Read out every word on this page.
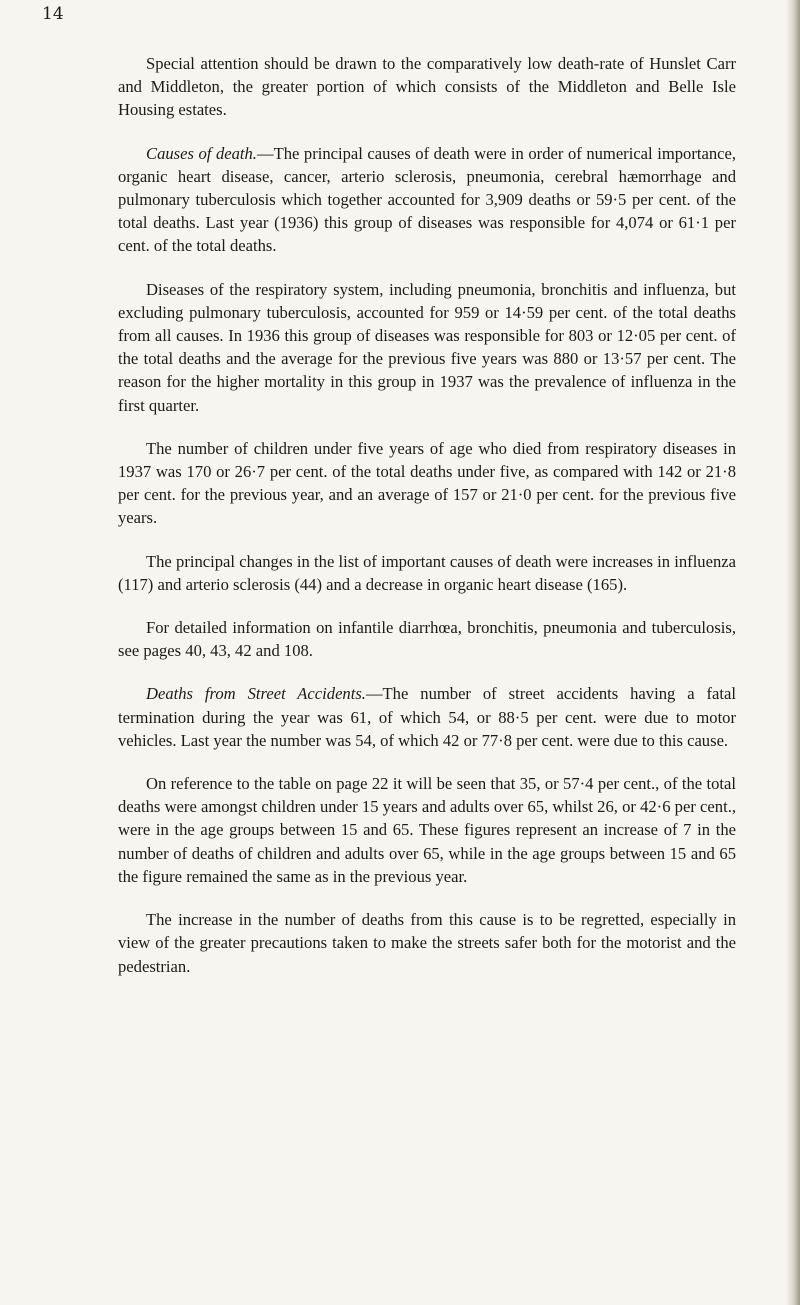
14

Special attention should be drawn to the comparatively low death-rate of Hunslet Carr and Middleton, the greater portion of which consists of the Middleton and Belle Isle Housing estates.

Causes of death.—The principal causes of death were in order of numerical importance, organic heart disease, cancer, arterio sclerosis, pneumonia, cerebral hæmorrhage and pulmonary tuberculosis which together accounted for 3,909 deaths or 59·5 per cent. of the total deaths. Last year (1936) this group of diseases was responsible for 4,074 or 61·1 per cent. of the total deaths.

Diseases of the respiratory system, including pneumonia, bronchitis and influenza, but excluding pulmonary tuberculosis, accounted for 959 or 14·59 per cent. of the total deaths from all causes. In 1936 this group of diseases was responsible for 803 or 12·05 per cent. of the total deaths and the average for the previous five years was 880 or 13·57 per cent. The reason for the higher mortality in this group in 1937 was the prevalence of influenza in the first quarter.

The number of children under five years of age who died from respiratory diseases in 1937 was 170 or 26·7 per cent. of the total deaths under five, as compared with 142 or 21·8 per cent. for the previous year, and an average of 157 or 21·0 per cent. for the previous five years.

The principal changes in the list of important causes of death were increases in influenza (117) and arterio sclerosis (44) and a decrease in organic heart disease (165).

For detailed information on infantile diarrhœa, bronchitis, pneumonia and tuberculosis, see pages 40, 43, 42 and 108.

Deaths from Street Accidents.—The number of street accidents having a fatal termination during the year was 61, of which 54, or 88·5 per cent. were due to motor vehicles. Last year the number was 54, of which 42 or 77·8 per cent. were due to this cause.

On reference to the table on page 22 it will be seen that 35, or 57·4 per cent., of the total deaths were amongst children under 15 years and adults over 65, whilst 26, or 42·6 per cent., were in the age groups between 15 and 65. These figures represent an increase of 7 in the number of deaths of children and adults over 65, while in the age groups between 15 and 65 the figure remained the same as in the previous year.

The increase in the number of deaths from this cause is to be regretted, especially in view of the greater precautions taken to make the streets safer both for the motorist and the pedestrian.
